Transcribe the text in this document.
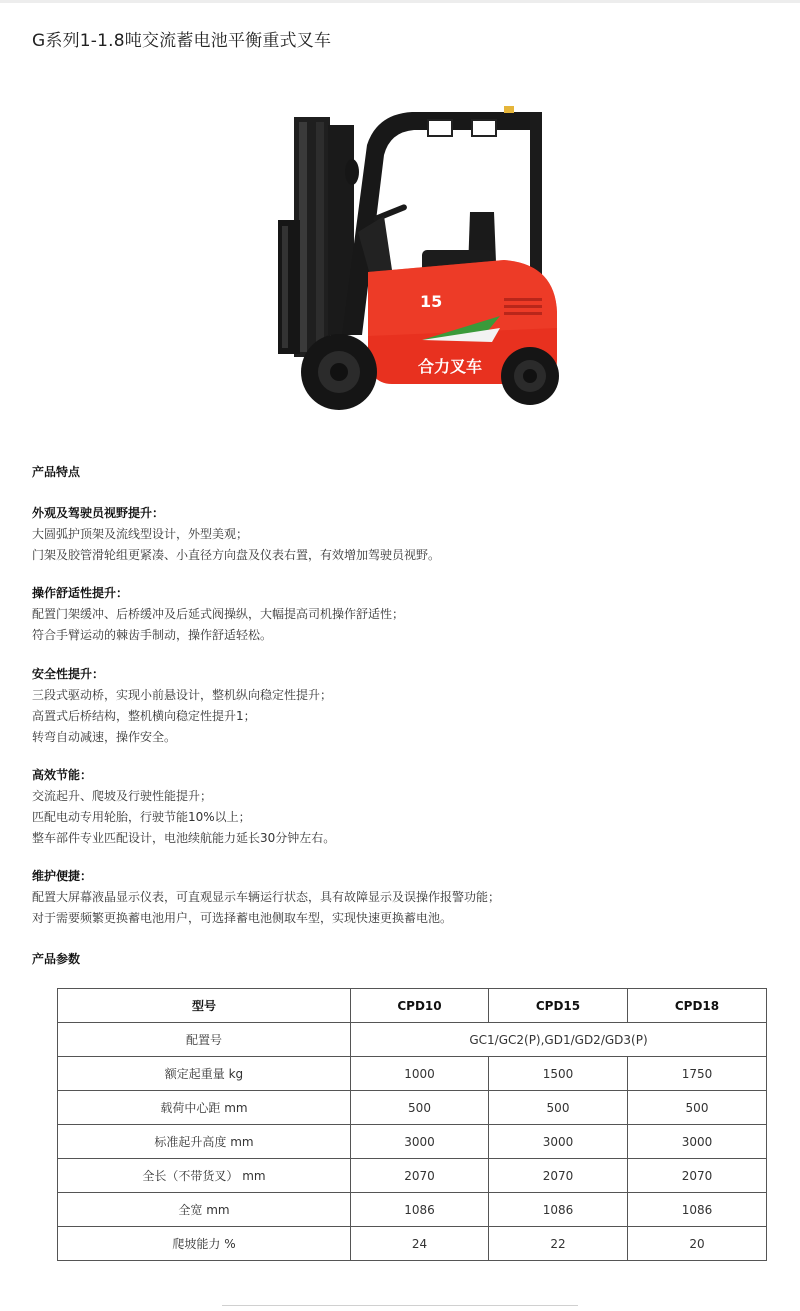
G系列1-1.8吨交流蓄电池平衡重式叉车
15
合力叉车
产品特点
外观及驾驶员视野提升：
大圆弧护顶架及流线型设计，外型美观；
门架及胶管滑轮组更紧凑、小直径方向盘及仪表右置，有效增加驾驶员视野。
操作舒适性提升：
配置门架缓冲、后桥缓冲及后延式阀操纵，大幅提高司机操作舒适性；
符合手臂运动的棘齿手制动，操作舒适轻松。
安全性提升：
三段式驱动桥，实现小前悬设计，整机纵向稳定性提升；
高置式后桥结构，整机横向稳定性提升1；
转弯自动减速，操作安全。
高效节能：
交流起升、爬坡及行驶性能提升；
匹配电动专用轮胎，行驶节能10%以上；
整车部件专业匹配设计，电池续航能力延长30分钟左右。
维护便捷：
配置大屏幕液晶显示仪表，可直观显示车辆运行状态，具有故障显示及误操作报警功能；
对于需要频繁更换蓄电池用户，可选择蓄电池侧取车型，实现快速更换蓄电池。
产品参数
型号	CPD10	CPD15	CPD18
配置号	GC1/GC2(P),GD1/GD2/GD3(P)		
额定起重量 kg	1000	1500	1750
载荷中心距 mm	500	500	500
标准起升高度 mm	3000	3000	3000
全长（不带货叉） mm	2070	2070	2070
全宽 mm	1086	1086	1086
爬坡能力 %	24	22	20
